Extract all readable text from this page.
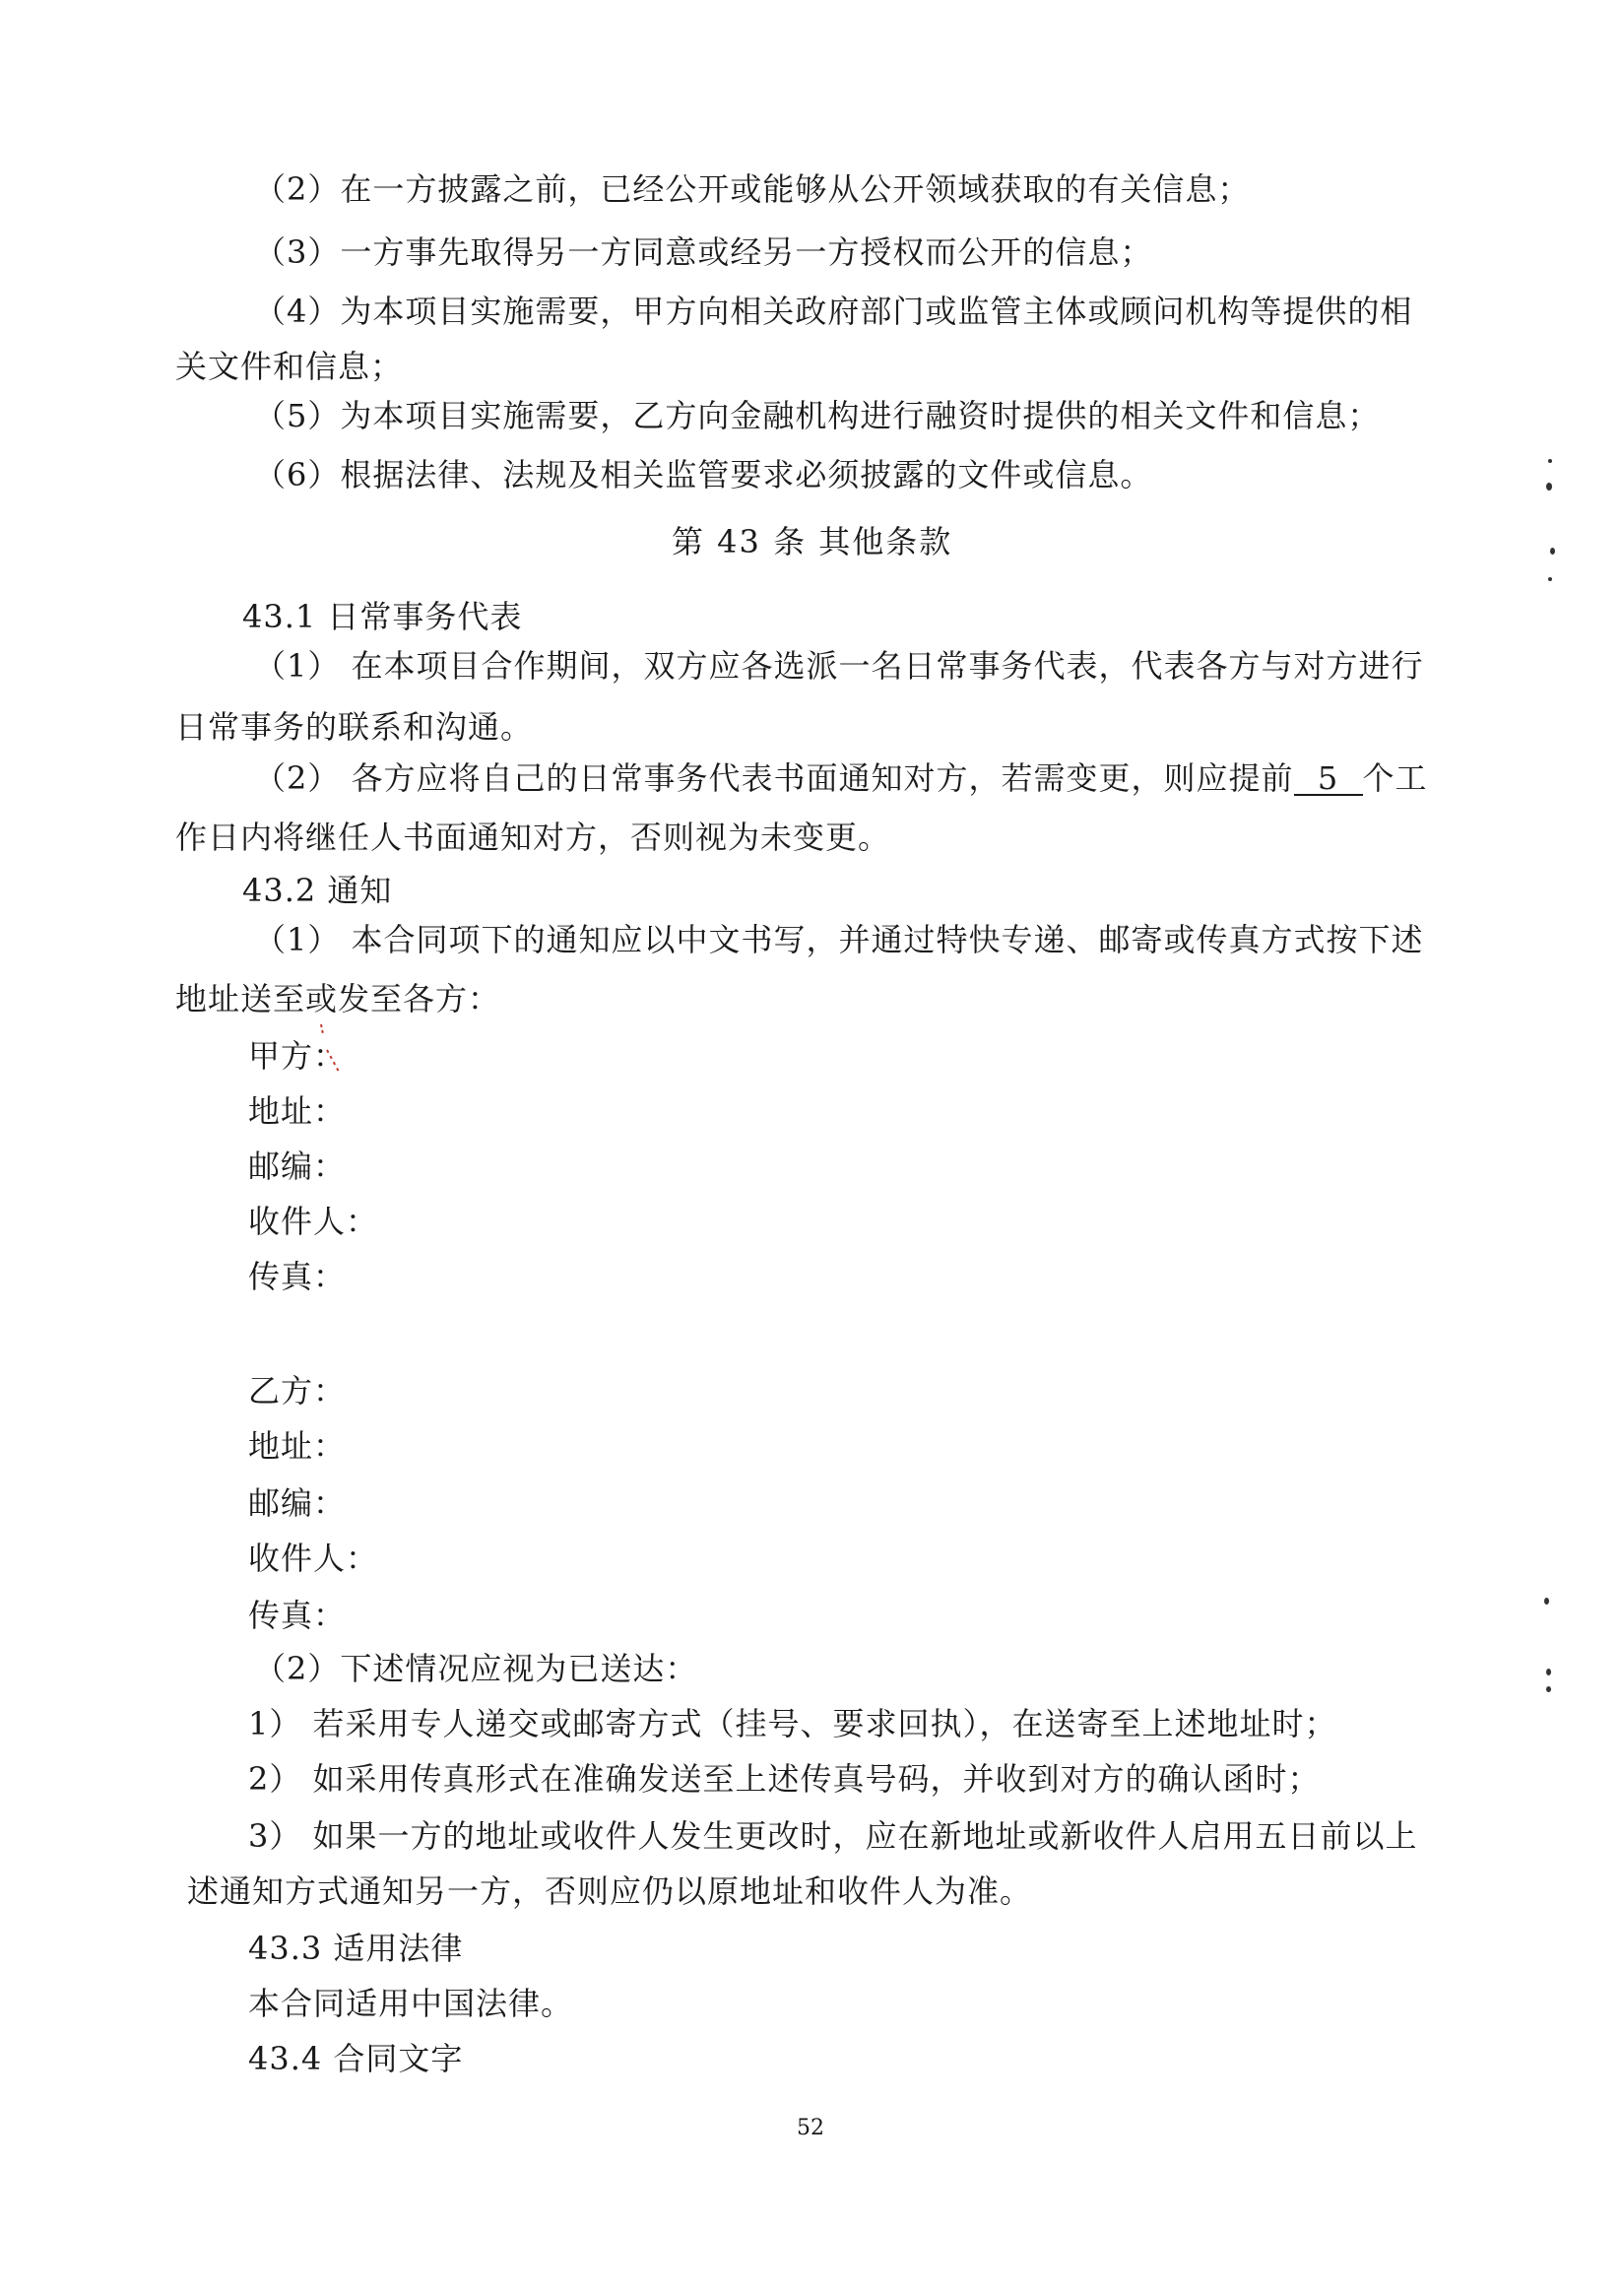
（2）在一方披露之前，已经公开或能够从公开领域获取的有关信息；
（3）一方事先取得另一方同意或经另一方授权而公开的信息；
（4）为本项目实施需要，甲方向相关政府部门或监管主体或顾问机构等提供的相
关文件和信息；
（5）为本项目实施需要，乙方向金融机构进行融资时提供的相关文件和信息；
（6）根据法律、法规及相关监管要求必须披露的文件或信息。
第 43 条 其他条款
43.1 日常事务代表
（1） 在本项目合作期间，双方应各选派一名日常事务代表，代表各方与对方进行
日常事务的联系和沟通。
（2） 各方应将自己的日常事务代表书面通知对方，若需变更，则应提前 5 个工
作日内将继任人书面通知对方，否则视为未变更。
43.2 通知
（1） 本合同项下的通知应以中文书写，并通过特快专递、邮寄或传真方式按下述
地址送至或发至各方：
甲方：
地址：
邮编：
收件人：
传真：
乙方：
地址：
邮编：
收件人：
传真：
（2）下述情况应视为已送达：
1） 若采用专人递交或邮寄方式（挂号、要求回执），在送寄至上述地址时；
2） 如采用传真形式在准确发送至上述传真号码，并收到对方的确认函时；
3） 如果一方的地址或收件人发生更改时，应在新地址或新收件人启用五日前以上
述通知方式通知另一方，否则应仍以原地址和收件人为准。
43.3 适用法律
本合同适用中国法律。
43.4 合同文字
52
